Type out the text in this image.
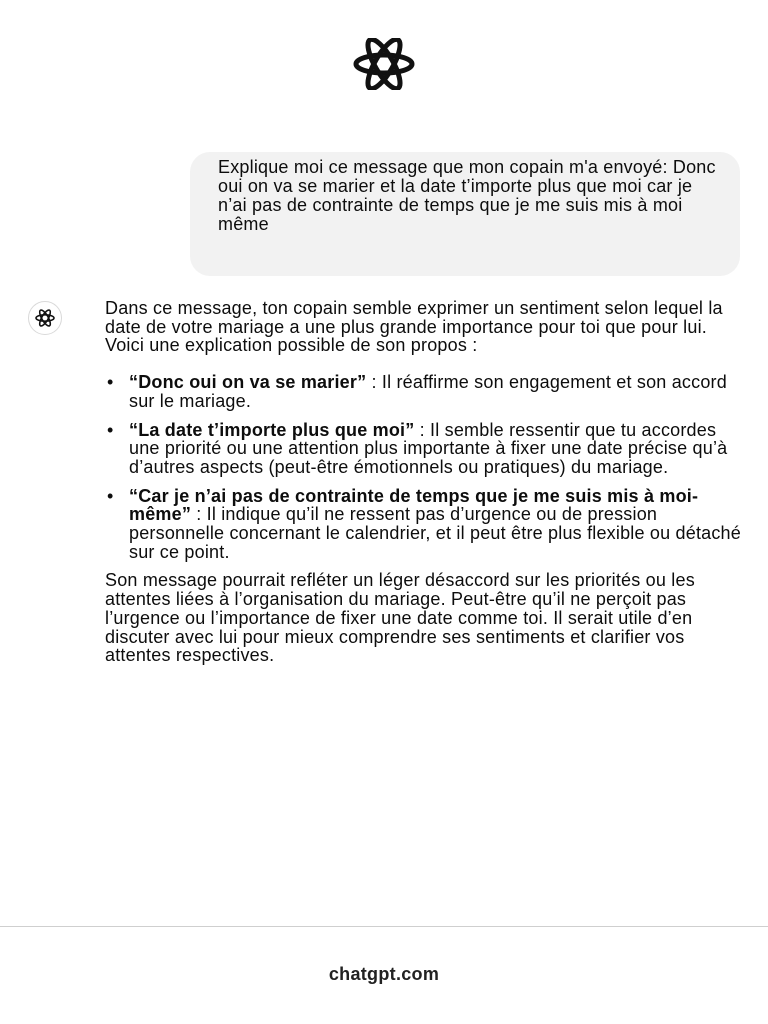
Explique moi ce message que mon copain m'a envoyé: Donc oui on va se marier et la date t’importe plus que moi car je n’ai pas de contrainte de temps que je me suis mis à moi même

Dans ce message, ton copain semble exprimer un sentiment selon lequel la date de votre mariage a une plus grande importance pour toi que pour lui. Voici une explication possible de son propos :

• “Donc oui on va se marier” : Il réaffirme son engagement et son accord sur le mariage.
• “La date t’importe plus que moi” : Il semble ressentir que tu accordes une priorité ou une attention plus importante à fixer une date précise qu’à d’autres aspects (peut-être émotionnels ou pratiques) du mariage.
• “Car je n’ai pas de contrainte de temps que je me suis mis à moi-même” : Il indique qu’il ne ressent pas d’urgence ou de pression personnelle concernant le calendrier, et il peut être plus flexible ou détaché sur ce point.

Son message pourrait refléter un léger désaccord sur les priorités ou les attentes liées à l’organisation du mariage. Peut-être qu’il ne perçoit pas l’urgence ou l’importance de fixer une date comme toi. Il serait utile d’en discuter avec lui pour mieux comprendre ses sentiments et clarifier vos attentes respectives.

chatgpt.com
